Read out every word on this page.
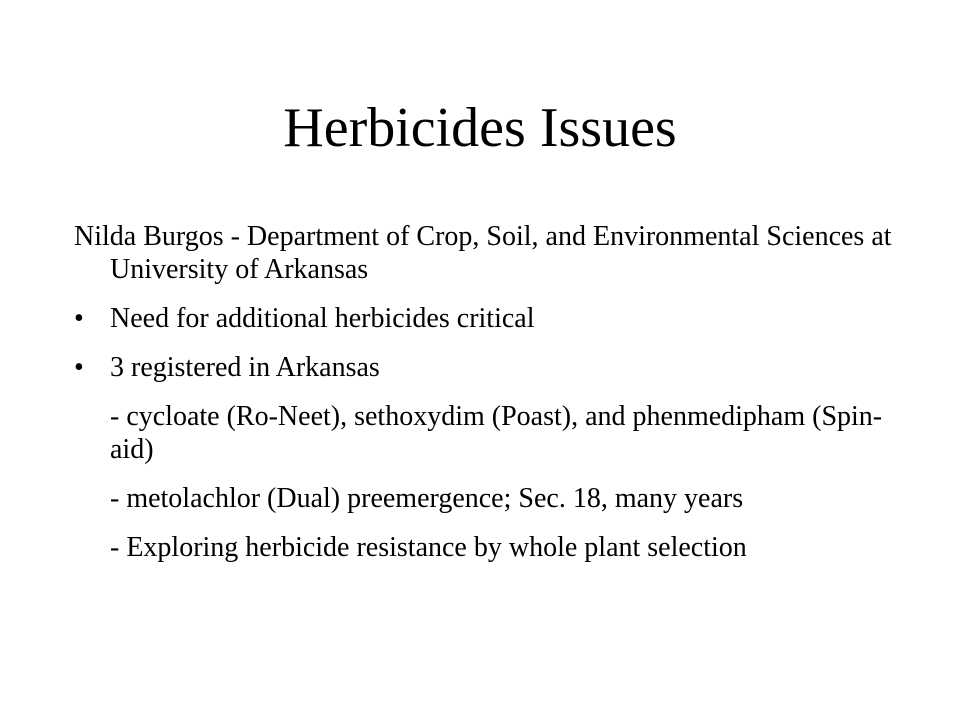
Herbicides Issues

Nilda Burgos - Department of Crop, Soil, and Environmental Sciences at University of Arkansas

• Need for additional herbicides critical
• 3 registered in Arkansas
- cycloate (Ro-Neet), sethoxydim (Poast), and phenmedipham (Spin-aid)
- metolachlor (Dual) preemergence; Sec. 18, many years
- Exploring herbicide resistance by whole plant selection
